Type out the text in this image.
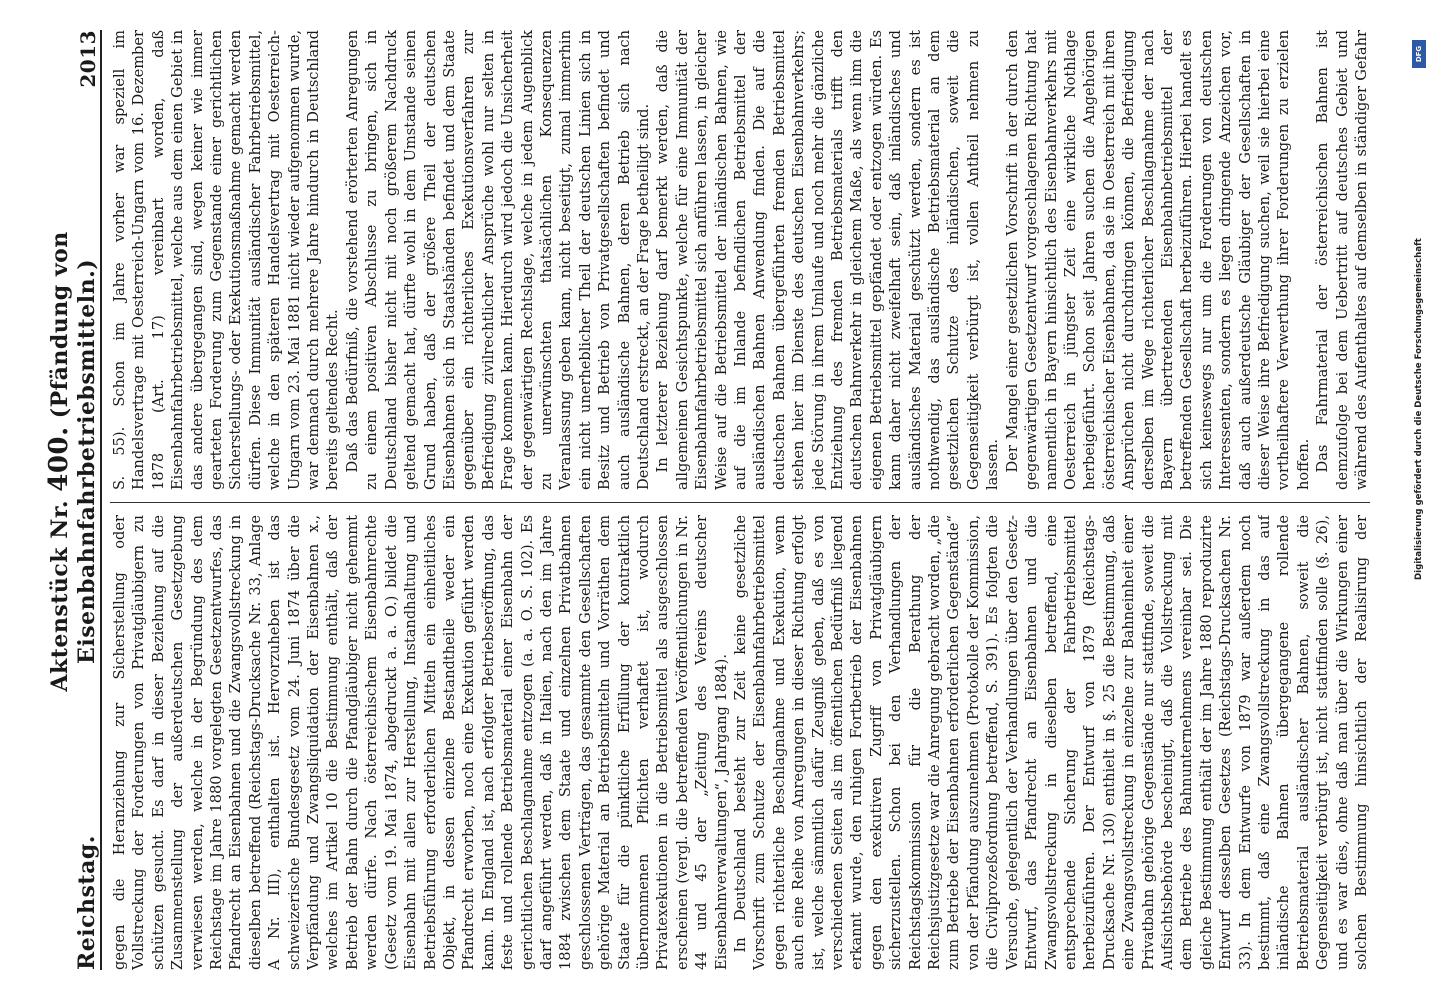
Reichstag.
Aktenstück Nr. 400. (Pfändung von Eisenbahnfahrbetriebsmitteln.)
2013

gegen die Heranziehung zur Sicherstellung oder Vollstreckung der Forderungen von Privatgläubigern zu schützen gesucht. Es darf in dieser Beziehung auf die Zusammenstellung der außerdeutschen Gesetzgebung verwiesen werden, welche in der Begründung des dem Reichstage im Jahre 1880 vorgelegten Gesetzentwurfes, das Pfandrecht an Eisenbahnen und die Zwangsvollstreckung in dieselben betreffend (Reichstags-Drucksache Nr. 33, Anlage A Nr. III), enthalten ist. Hervorzuheben ist das schweizerische Bundesgesetz vom 24. Juni 1874 über die Verpfändung und Zwangsliquidation der Eisenbahnen x., welches im Artikel 10 die Bestimmung enthält, daß der Betrieb der Bahn durch die Pfandgläubiger nicht gehemmt werden dürfe. Nach österreichischem Eisenbahnrechte (Gesetz vom 19. Mai 1874, abgedruckt a. a. O.) bildet die Eisenbahn mit allen zur Herstellung, Instandhaltung und Betriebsführung erforderlichen Mitteln ein einheitliches Objekt, in dessen einzelne Bestandtheile weder ein Pfandrecht erworben, noch eine Exekution geführt werden kann. In England ist, nach erfolgter Betriebseröffnung, das feste und rollende Betriebsmaterial einer Eisenbahn der gerichtlichen Beschlagnahme entzogen (a. a. O. S. 102). Es darf angeführt werden, daß in Italien, nach den im Jahre 1884 zwischen dem Staate und einzelnen Privatbahnen geschlossenen Verträgen, das gesammte den Gesellschaften gehörige Material an Betriebsmitteln und Vorräthen dem Staate für die pünktliche Erfüllung der kontraktlich übernommenen Pflichten verhaftet ist, wodurch Privatexekutionen in die Betriebsmittel als ausgeschlossen erscheinen (vergl. die betreffenden Veröffentlichungen in Nr. 44 und 45 der „Zeitung des Vereins deutscher Eisenbahnverwaltungen“, Jahrgang 1884). In Deutschland besteht zur Zeit keine gesetzliche Vorschrift zum Schutze der Eisenbahnfahrbetriebsmittel gegen richterliche Beschlagnahme und Exekution, wenn auch eine Reihe von Anregungen in dieser Richtung erfolgt ist, welche sämmtlich dafür Zeugniß geben, daß es von verschiedenen Seiten als im öffentlichen Bedürfniß liegend erkannt wurde, den ruhigen Fortbetrieb der Eisenbahnen gegen den exekutiven Zugriff von Privatgläubigern sicherzustellen. Schon bei den Verhandlungen der Reichstagskommission für die Berathung der Reichsjustizgesetze war die Anregung gebracht worden, „die zum Betriebe der Eisenbahnen erforderlichen Gegenstände“ von der Pfändung auszunehmen (Protokolle der Kommission, die Civilprozeßordnung betreffend, S. 391). Es folgten die Versuche, gelegentlich der Verhandlungen über den Gesetz-Entwurf, das Pfandrecht an Eisenbahnen und die Zwangsvollstreckung in dieselben betreffend, eine entsprechende Sicherung der Fahrbetriebsmittel herbeizuführen. Der Entwurf von 1879 (Reichstags-Drucksache Nr. 130) enthielt in §. 25 die Bestimmung, daß eine Zwangsvollstreckung in einzelne zur Bahneinheit einer Privatbahn gehörige Gegenstände nur stattfinde, soweit die Aufsichtsbehörde bescheinigt, daß die Vollstreckung mit dem Betriebe des Bahnunternehmens vereinbar sei. Die gleiche Bestimmung enthält der im Jahre 1880 reproduzirte Entwurf desselben Gesetzes (Reichstags-Drucksachen Nr. 33). In dem Entwurfe von 1879 war außerdem noch bestimmt, daß eine Zwangsvollstreckung in das auf inländische Bahnen übergegangene rollende Betriebsmaterial ausländischer Bahnen, soweit die Gegenseitigkeit verbürgt ist, nicht stattfinden solle (§. 26), und es war dies, ohne daß man über die Wirkungen einer solchen Bestimmung hinsichtlich der Realisirung der

S. 55). Schon im Jahre vorher war speziell im Handelsvertrage mit Oesterreich-Ungarn vom 16. Dezember 1878 (Art. 17) vereinbart worden, daß Eisenbahnfahrbetriebsmittel, welche aus dem einen Gebiet in das andere übergegangen sind, wegen keiner wie immer gearteten Forderung zum Gegenstande einer gerichtlichen Sicherstellungs- oder Exekutionsmaßnahme gemacht werden dürfen. Diese Immunität ausländischer Fahrbetriebsmittel, welche in den späteren Handelsvertrag mit Oesterreich-Ungarn vom 23. Mai 1881 nicht wieder aufgenommen wurde, war demnach durch mehrere Jahre hindurch in Deutschland bereits geltendes Recht. Daß das Bedürfniß, die vorstehend erörterten Anregungen zu einem positiven Abschlusse zu bringen, sich in Deutschland bisher nicht mit noch größerem Nachdruck geltend gemacht hat, dürfte wohl in dem Umstande seinen Grund haben, daß der größere Theil der deutschen Eisenbahnen sich in Staatshänden befindet und dem Staate gegenüber ein richterliches Exekutionsverfahren zur Befriedigung zivilrechtlicher Ansprüche wohl nur selten in Frage kommen kann. Hierdurch wird jedoch die Unsicherheit der gegenwärtigen Rechtslage, welche in jedem Augenblick zu unerwünschten thatsächlichen Konsequenzen Veranlassung geben kann, nicht beseitigt, zumal immerhin ein nicht unerheblicher Theil der deutschen Linien sich in Besitz und Betrieb von Privatgesellschaften befindet und auch ausländische Bahnen, deren Betrieb sich nach Deutschland erstreckt, an der Frage betheiligt sind. In letzterer Beziehung darf bemerkt werden, daß die allgemeinen Gesichtspunkte, welche für eine Immunität der Eisenbahnfahrbetriebsmittel sich anführen lassen, in gleicher Weise auf die Betriebsmittel der inländischen Bahnen, wie auf die im Inlande befindlichen Betriebsmittel der ausländischen Bahnen Anwendung finden. Die auf die deutschen Bahnen übergeführten fremden Betriebsmittel stehen hier im Dienste des deutschen Eisenbahnverkehrs; jede Störung in ihrem Umlaufe und noch mehr die gänzliche Entziehung des fremden Betriebsmaterials trifft den deutschen Bahnverkehr in gleichem Maße, als wenn ihm die eigenen Betriebsmittel gepfändet oder entzogen würden. Es kann daher nicht zweifelhaft sein, daß inländisches und ausländisches Material geschützt werden, sondern es ist nothwendig, das ausländische Betriebsmaterial an dem gesetzlichen Schutze des inländischen, soweit die Gegenseitigkeit verbürgt ist, vollen Antheil nehmen zu lassen. Der Mangel einer gesetzlichen Vorschrift in der durch den gegenwärtigen Gesetzentwurf vorgeschlagenen Richtung hat namentlich in Bayern hinsichtlich des Eisenbahnverkehrs mit Oesterreich in jüngster Zeit eine wirkliche Nothlage herbeigeführt. Schon seit Jahren suchen die Angehörigen österreichischer Eisenbahnen, da sie in Oesterreich mit ihren Ansprüchen nicht durchdringen können, die Befriedigung derselben im Wege richterlicher Beschlagnahme der nach Bayern übertretenden Eisenbahnbetriebsmittel der betreffenden Gesellschaft herbeizuführen. Hierbei handelt es sich keineswegs nur um die Forderungen von deutschen Interessenten, sondern es liegen dringende Anzeichen vor, daß auch außerdeutsche Gläubiger der Gesellschaften in dieser Weise ihre Befriedigung suchen, weil sie hierbei eine vortheilhaftere Verwerthung ihrer Forderungen zu erzielen hoffen. Das Fahrmaterial der österreichischen Bahnen ist demzufolge bei dem Uebertritt auf deutsches Gebiet und während des Aufenthaltes auf demselben in ständiger Gefahr	DFG
Digitalisierung gefördert durch die Deutsche Forschungsgemeinschaft
